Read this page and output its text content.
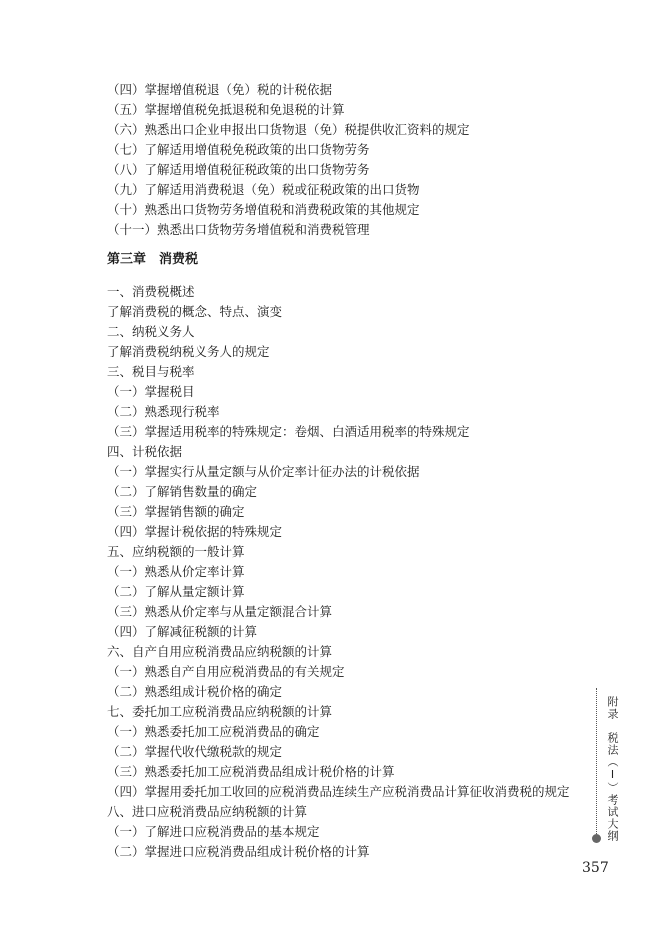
（四）掌握增值税退（免）税的计税依据
（五）掌握增值税免抵退税和免退税的计算
（六）熟悉出口企业申报出口货物退（免）税提供收汇资料的规定
（七）了解适用增值税免税政策的出口货物劳务
（八）了解适用增值税征税政策的出口货物劳务
（九）了解适用消费税退（免）税或征税政策的出口货物
（十）熟悉出口货物劳务增值税和消费税政策的其他规定
（十一）熟悉出口货物劳务增值税和消费税管理
第三章　消费税
一、消费税概述
了解消费税的概念、特点、演变
二、纳税义务人
了解消费税纳税义务人的规定
三、税目与税率
（一）掌握税目
（二）熟悉现行税率
（三）掌握适用税率的特殊规定：卷烟、白酒适用税率的特殊规定
四、计税依据
（一）掌握实行从量定额与从价定率计征办法的计税依据
（二）了解销售数量的确定
（三）掌握销售额的确定
（四）掌握计税依据的特殊规定
五、应纳税额的一般计算
（一）熟悉从价定率计算
（二）了解从量定额计算
（三）熟悉从价定率与从量定额混合计算
（四）了解减征税额的计算
六、自产自用应税消费品应纳税额的计算
（一）熟悉自产自用应税消费品的有关规定
（二）熟悉组成计税价格的确定
七、委托加工应税消费品应纳税额的计算
（一）熟悉委托加工应税消费品的确定
（二）掌握代收代缴税款的规定
（三）熟悉委托加工应税消费品组成计税价格的计算
（四）掌握用委托加工收回的应税消费品连续生产应税消费品计算征收消费税的规定
八、进口应税消费品应纳税额的计算
（一）了解进口应税消费品的基本规定
（二）掌握进口应税消费品组成计税价格的计算
附录　税法（Ⅰ）考试大纲
357
